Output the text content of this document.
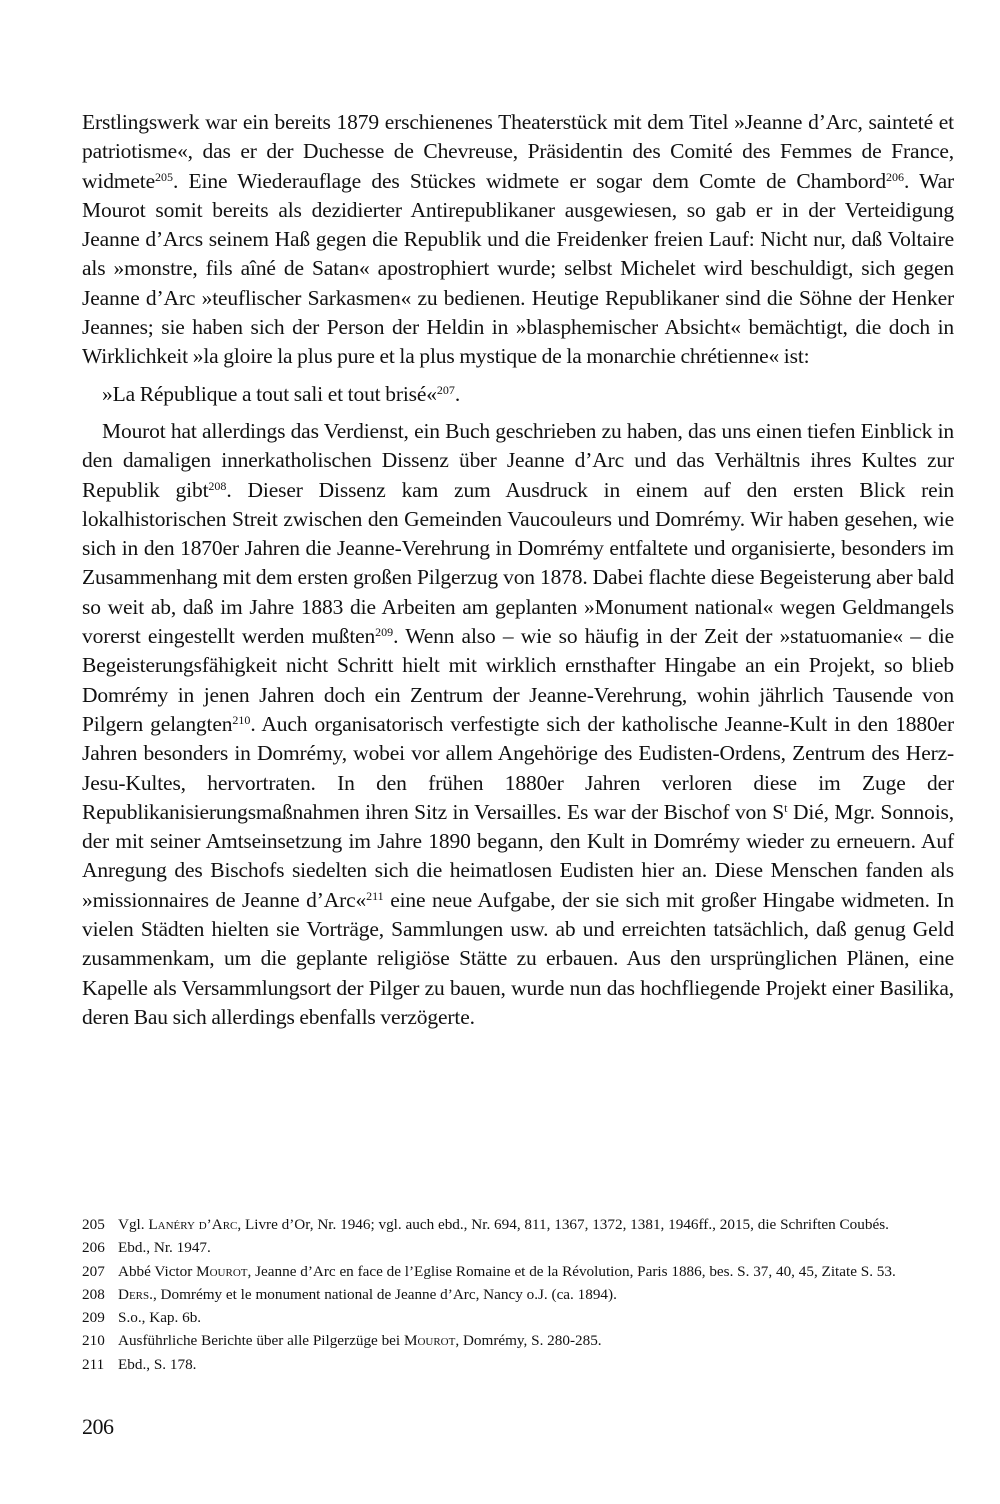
Erstlingswerk war ein bereits 1879 erschienenes Theaterstück mit dem Titel »Jeanne d’Arc, sainteté et patriotisme«, das er der Duchesse de Chevreuse, Präsidentin des Comité des Femmes de France, widmete$^{205}$. Eine Wiederauflage des Stückes widmete er sogar dem Comte de Chambord$^{206}$. War Mourot somit bereits als dezidierter Antirepublikaner ausgewiesen, so gab er in der Verteidigung Jeanne d’Arcs seinem Haß gegen die Republik und die Freidenker freien Lauf: Nicht nur, daß Voltaire als »monstre, fils aîné de Satan« apostrophiert wurde; selbst Michelet wird beschuldigt, sich gegen Jeanne d’Arc »teuflischer Sarkasmen« zu bedienen. Heutige Republikaner sind die Söhne der Henker Jeannes; sie haben sich der Person der Heldin in »blasphemischer Absicht« bemächtigt, die doch in Wirklichkeit »la gloire la plus pure et la plus mystique de la monarchie chrétienne« ist:

»La République a tout sali et tout brisé«$^{207}$.

Mourot hat allerdings das Verdienst, ein Buch geschrieben zu haben, das uns einen tiefen Einblick in den damaligen innerkatholischen Dissenz über Jeanne d’Arc und das Verhältnis ihres Kultes zur Republik gibt$^{208}$. Dieser Dissenz kam zum Ausdruck in einem auf den ersten Blick rein lokalhistorischen Streit zwischen den Gemeinden Vaucouleurs und Domrémy. Wir haben gesehen, wie sich in den 1870er Jahren die Jeanne-Verehrung in Domrémy entfaltete und organisierte, besonders im Zusammenhang mit dem ersten großen Pilgerzug von 1878. Dabei flachte diese Begeisterung aber bald so weit ab, daß im Jahre 1883 die Arbeiten am geplanten »Monument national« wegen Geldmangels vorerst eingestellt werden mußten$^{209}$. Wenn also – wie so häufig in der Zeit der »statuomanie« – die Begeisterungsfähigkeit nicht Schritt hielt mit wirklich ernsthafter Hingabe an ein Projekt, so blieb Domrémy in jenen Jahren doch ein Zentrum der Jeanne-Verehrung, wohin jährlich Tausende von Pilgern gelangten$^{210}$. Auch organisatorisch verfestigte sich der katholische Jeanne-Kult in den 1880er Jahren besonders in Domrémy, wobei vor allem Angehörige des Eudisten-Ordens, Zentrum des Herz-Jesu-Kultes, hervortraten. In den frühen 1880er Jahren verloren diese im Zuge der Republikanisierungsmaßnahmen ihren Sitz in Versailles. Es war der Bischof von $S^t$ Dié, Mgr. Sonnois, der mit seiner Amtseinsetzung im Jahre 1890 begann, den Kult in Domrémy wieder zu erneuern. Auf Anregung des Bischofs siedelten sich die heimatlosen Eudisten hier an. Diese Menschen fanden als »missionnaires de Jeanne d’Arc«$^{211}$ eine neue Aufgabe, der sie sich mit großer Hingabe widmeten. In vielen Städten hielten sie Vorträge, Sammlungen usw. ab und erreichten tatsächlich, daß genug Geld zusammenkam, um die geplante religiöse Stätte zu erbauen. Aus den ursprünglichen Plänen, eine Kapelle als Versammlungsort der Pilger zu bauen, wurde nun das hochfliegende Projekt einer Basilika, deren Bau sich allerdings ebenfalls verzögerte.

205 Vgl. Lanéry d’Arc, Livre d’Or, Nr. 1946; vgl. auch ebd., Nr. 694, 811, 1367, 1372, 1381, 1946ff., 2015, die Schriften Coubés.
206 Ebd., Nr. 1947.
207 Abbé Victor Mourot, Jeanne d’Arc en face de l’Eglise Romaine et de la Révolution, Paris 1886, bes. S. 37, 40, 45, Zitate S. 53.
208 Ders., Domrémy et le monument national de Jeanne d’Arc, Nancy o.J. (ca. 1894).
209 S.o., Kap. 6b.
210 Ausführliche Berichte über alle Pilgerzüge bei Mourot, Domrémy, S. 280-285.
211 Ebd., S. 178.
206
